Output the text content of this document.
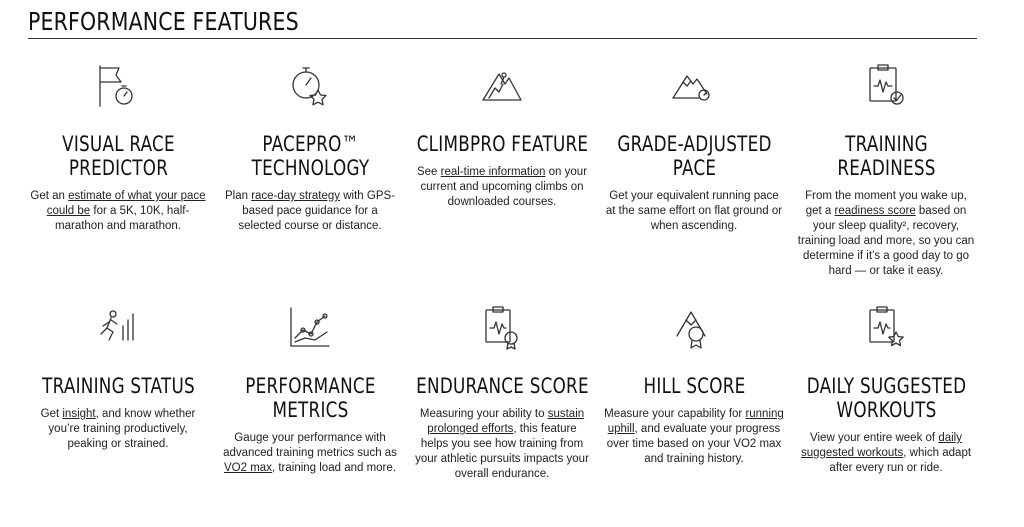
PERFORMANCE FEATURES
VISUAL RACE
PREDICTOR

Get an estimate of what your pace could be for a 5K, 10K, half-marathon and marathon.

PACEPRO™
TECHNOLOGY

Plan race-day strategy with GPS-based pace guidance for a selected course or distance.

CLIMBPRO FEATURE

See real-time information on your current and upcoming climbs on downloaded courses.

GRADE-ADJUSTED PACE

Get your equivalent running pace at the same effort on flat ground or when ascending.

TRAINING READINESS

From the moment you wake up, get a readiness score based on your sleep quality², recovery, training load and more, so you can determine if it’s a good day to go hard — or take it easy.

TRAINING STATUS

Get insight, and know whether you’re training productively, peaking or strained.

PERFORMANCE
METRICS

Gauge your performance with advanced training metrics such as VO2 max, training load and more.

ENDURANCE SCORE

Measuring your ability to sustain prolonged efforts, this feature helps you see how training from your athletic pursuits impacts your overall endurance.

HILL SCORE

Measure your capability for running uphill, and evaluate your progress over time based on your VO2 max and training history.

DAILY SUGGESTED
WORKOUTS

View your entire week of daily suggested workouts, which adapt after every run or ride.
